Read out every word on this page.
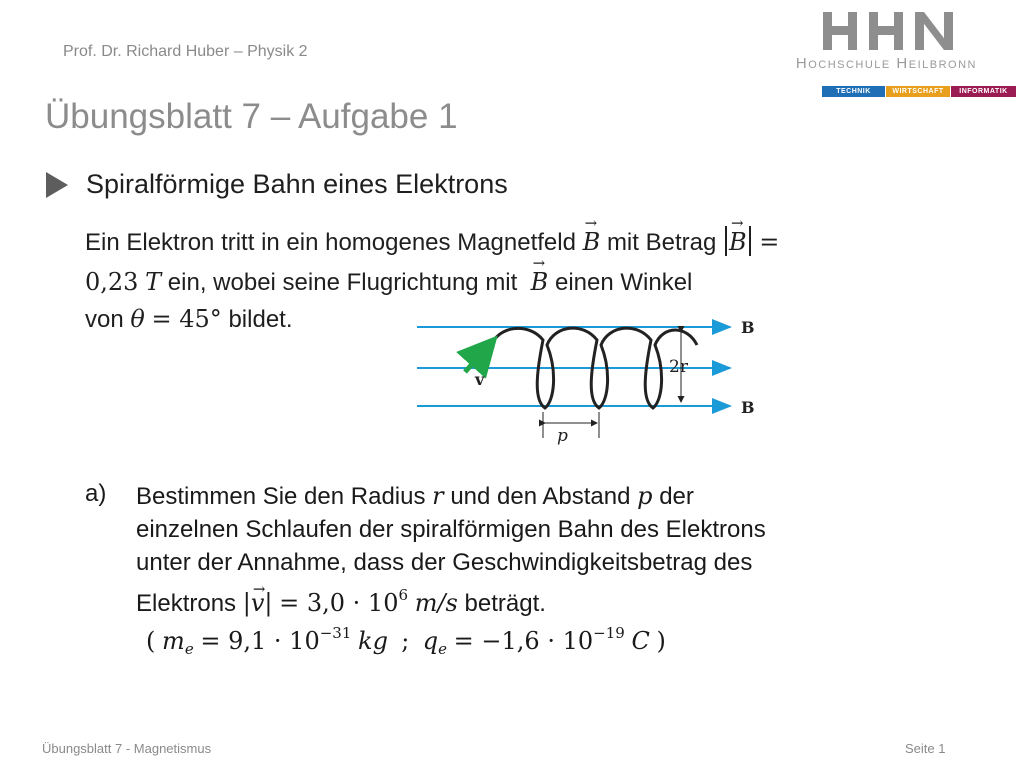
Prof. Dr. Richard Huber – Physik 2
Hochschule Heilbronn
TECHNIK	WIRTSCHAFT	INFORMATIK
Übungsblatt 7 – Aufgabe 1
Spiralförmige Bahn eines Elektrons
Ein Elektron tritt in ein homogenes Magnetfeld → B mit Betrag → B =
0,23 T ein, wobei seine Flugrichtung mit → B einen Winkel
von θ = 45° bildet.
v
2r
B
B
p
a) Bestimmen Sie den Radius r und den Abstand p der
einzelnen Schlaufen der spiralförmigen Bahn des Elektrons
unter der Annahme, dass der Geschwindigkeitsbetrag des
Elektrons |→ $v| = 3,0 \cdot 10^6$ m/s beträgt.
( $m_e = 9,1 \cdot 10^{-31}$ kg ; $q_e = -1,6 \cdot 10^{-19}$ C )
Übungsblatt 7 - Magnetismus	Seite 1
